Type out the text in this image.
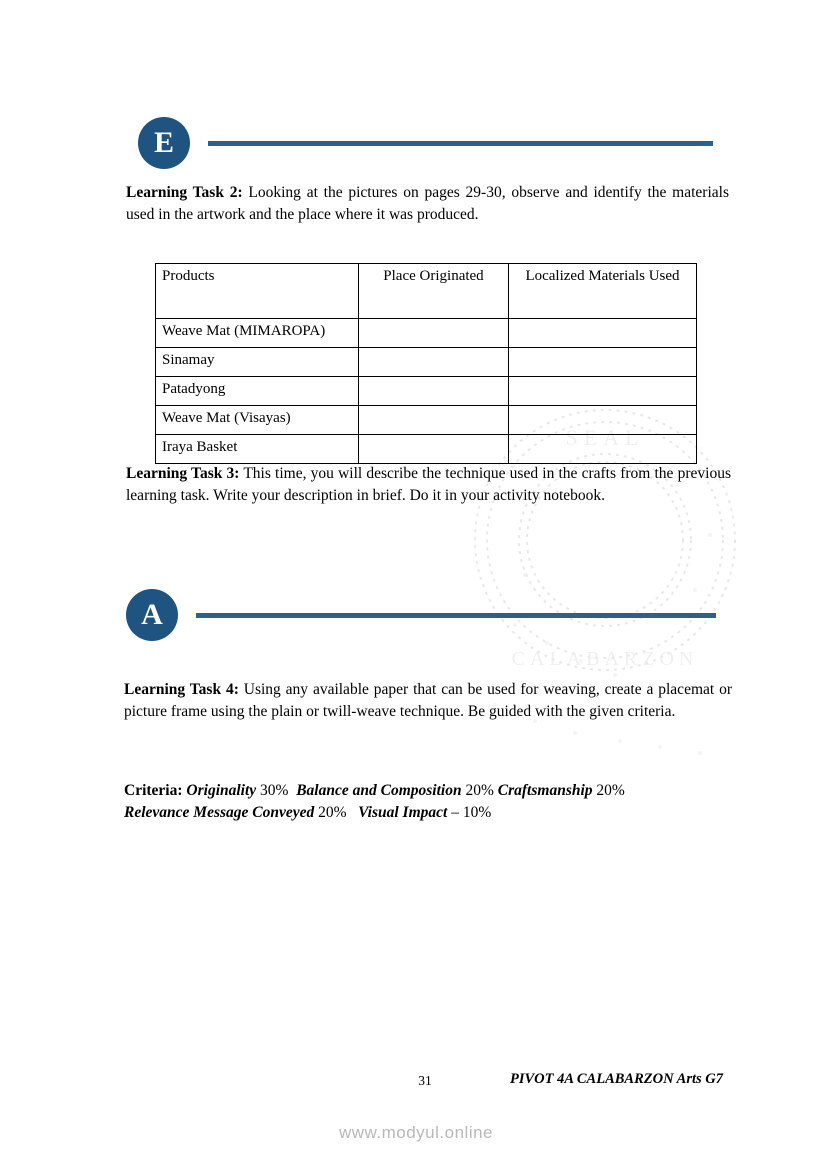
SEAL
CALABARZON
E
Learning Task 2: Looking at the pictures on pages 29-30, observe and identify the materials used in the artwork and the place where it was produced.
Products	Place Originated	Localized Materials Used
Weave Mat (MIMAROPA)		
Sinamay		
Patadyong		
Weave Mat (Visayas)		
Iraya Basket		
Learning Task 3: This time, you will describe the technique used in the crafts from the previous learning task. Write your description in brief. Do it in your activity notebook.
A
Learning Task 4: Using any available paper that can be used for weaving, create a placemat or picture frame using the plain or twill-weave technique. Be guided with the given criteria.
Criteria: Originality 30% Balance and Composition 20% Craftsmanship 20%
Relevance Message Conveyed 20% Visual Impact – 10%
31	PIVOT 4A CALABARZON Arts G7
www.modyul.online
